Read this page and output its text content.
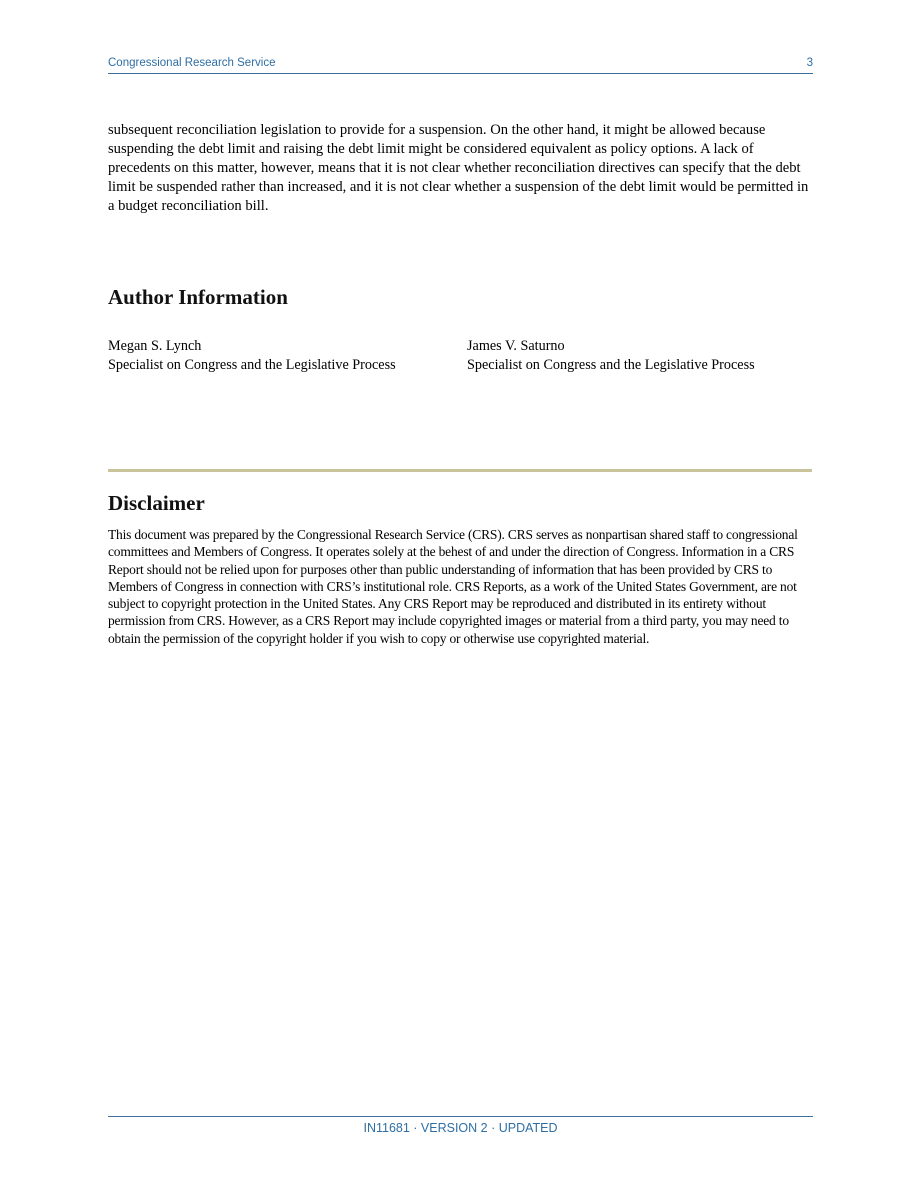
Congressional Research Service	3

subsequent reconciliation legislation to provide for a suspension. On the other hand, it might be allowed because suspending the debt limit and raising the debt limit might be considered equivalent as policy options. A lack of precedents on this matter, however, means that it is not clear whether reconciliation directives can specify that the debt limit be suspended rather than increased, and it is not clear whether a suspension of the debt limit would be permitted in a budget reconciliation bill.

Author Information
Megan S. Lynch
Specialist on Congress and the Legislative Process
James V. Saturno
Specialist on Congress and the Legislative Process
Disclaimer

This document was prepared by the Congressional Research Service (CRS). CRS serves as nonpartisan shared staff to congressional committees and Members of Congress. It operates solely at the behest of and under the direction of Congress. Information in a CRS Report should not be relied upon for purposes other than public understanding of information that has been provided by CRS to Members of Congress in connection with CRS’s institutional role. CRS Reports, as a work of the United States Government, are not subject to copyright protection in the United States. Any CRS Report may be reproduced and distributed in its entirety without permission from CRS. However, as a CRS Report may include copyrighted images or material from a third party, you may need to obtain the permission of the copyright holder if you wish to copy or otherwise use copyrighted material.

IN11681 · VERSION 2 · UPDATED
